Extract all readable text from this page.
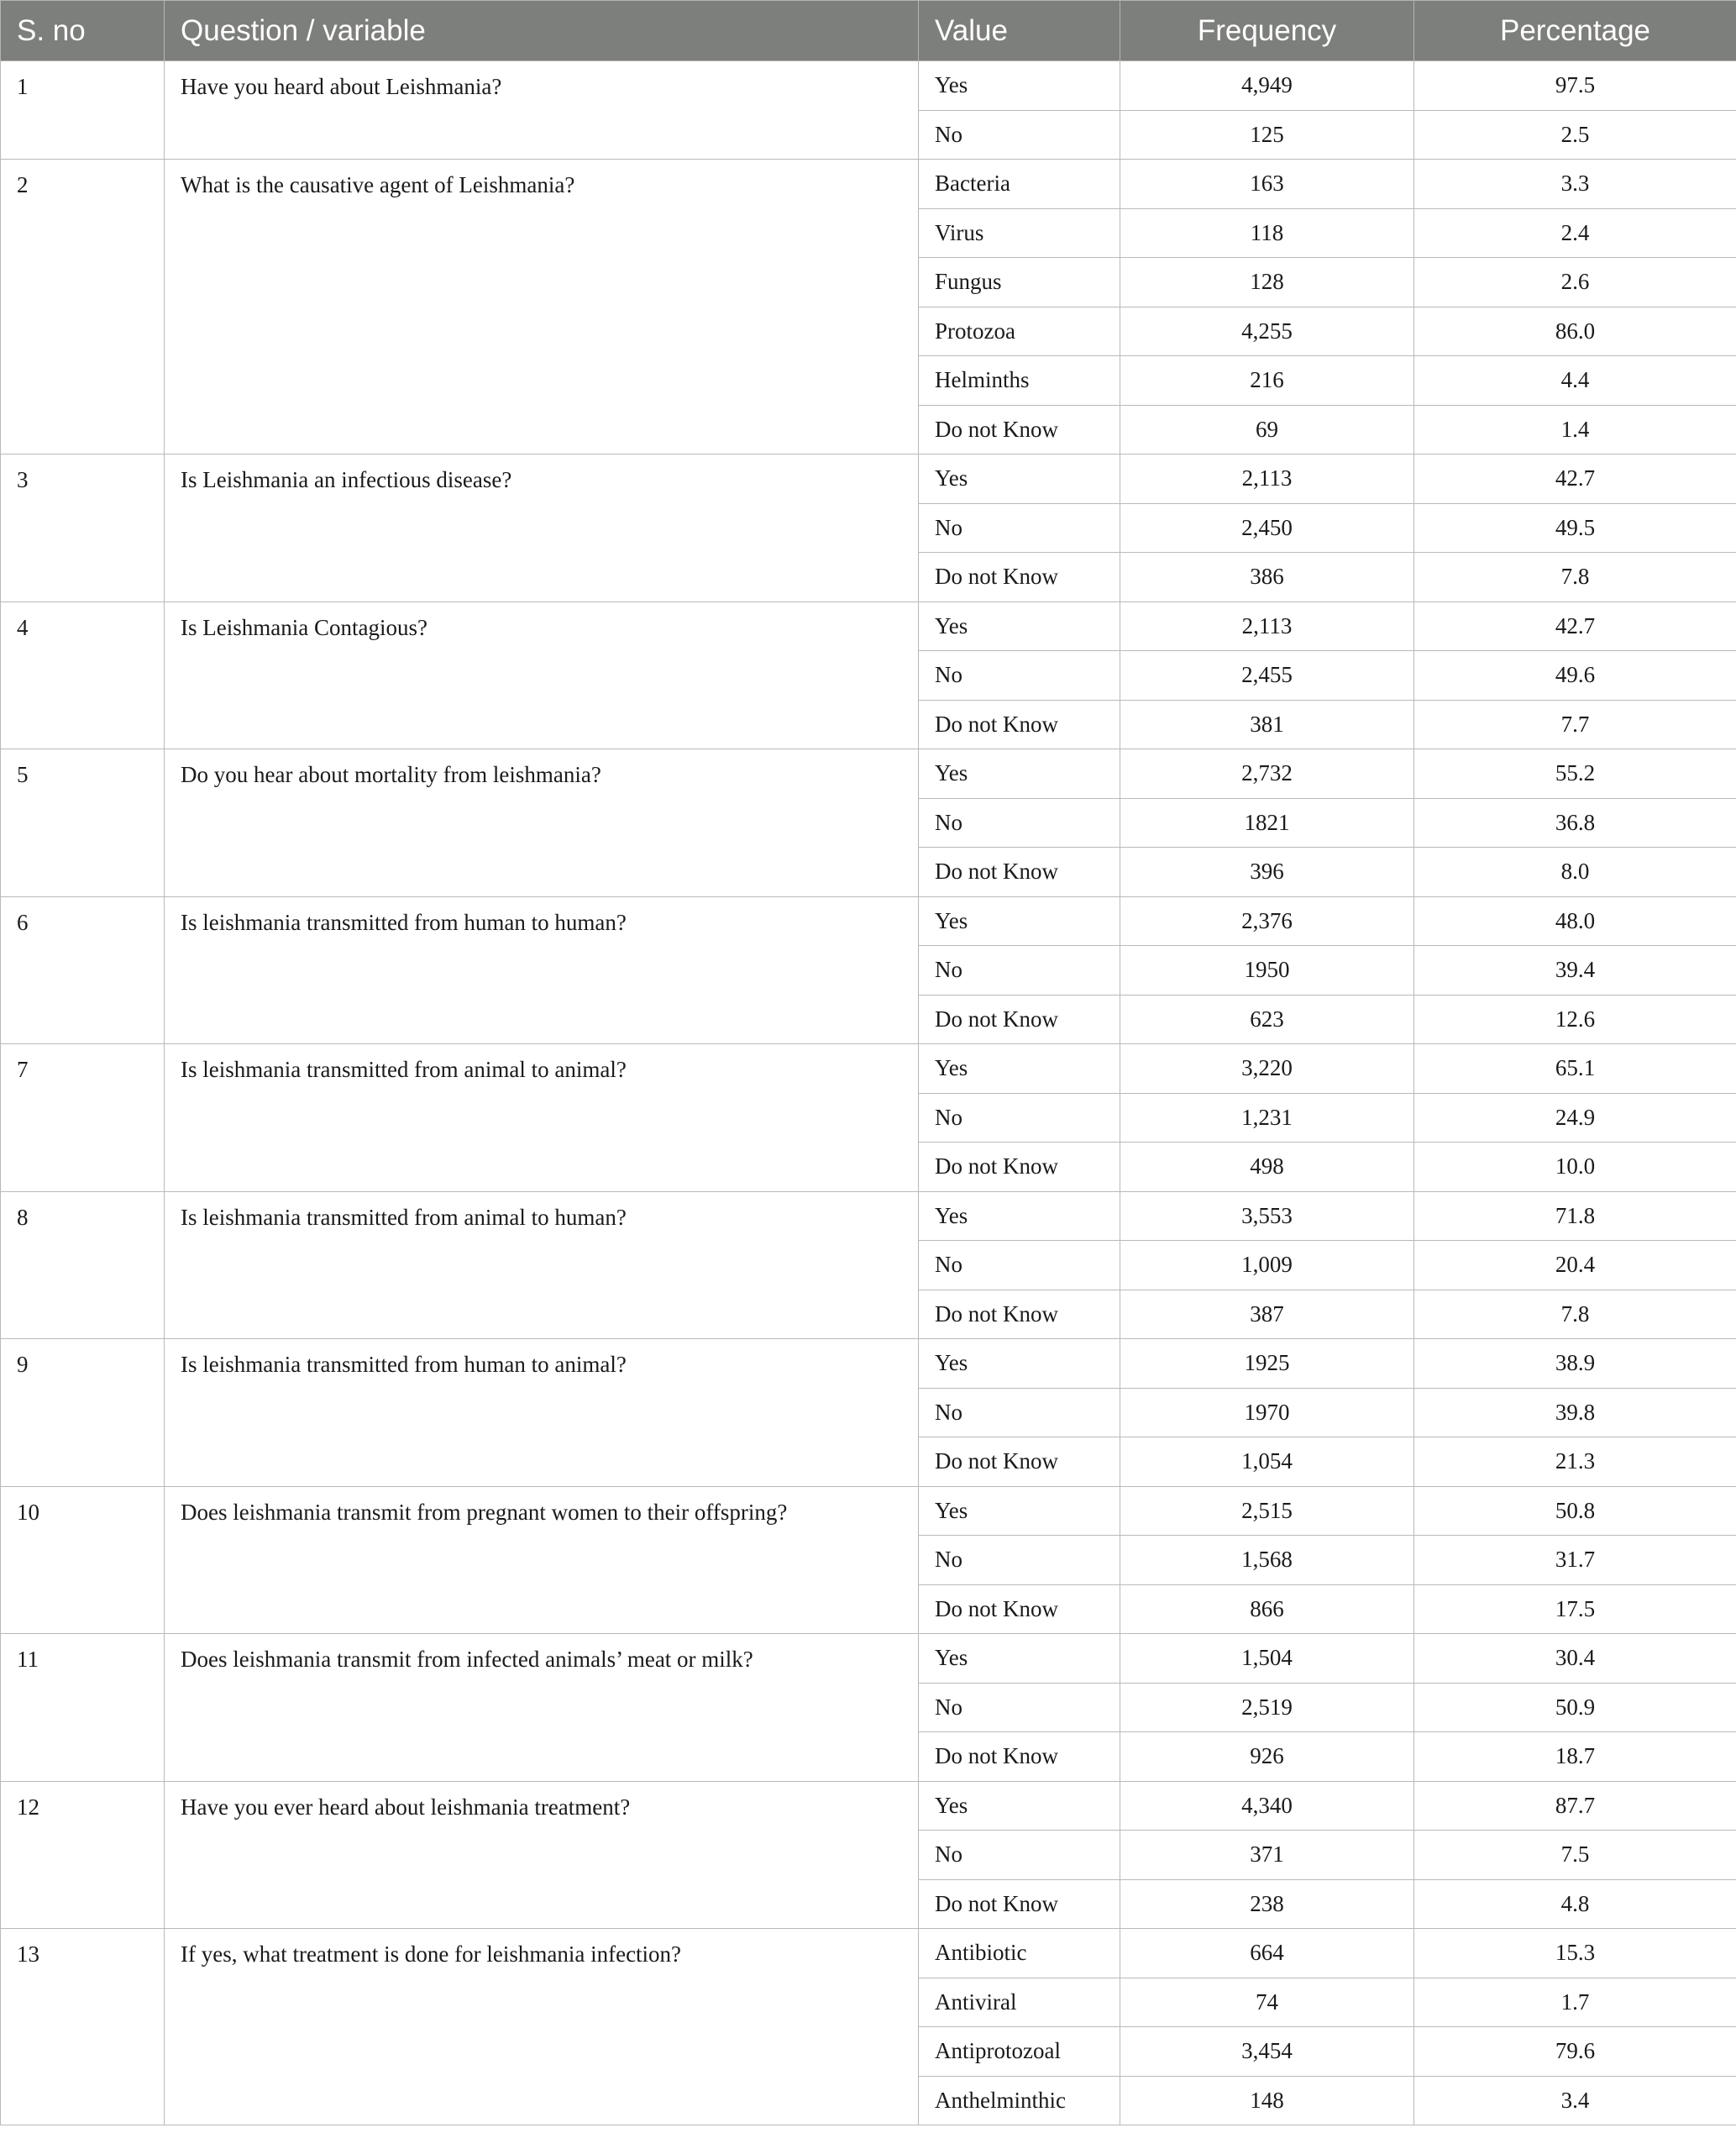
S. no	Question / variable	Value	Frequency	Percentage
1	Have you heard about Leishmania?	Yes	4,949	97.5
		No	125	2.5
2	What is the causative agent of Leishmania?	Bacteria	163	3.3
		Virus	118	2.4
		Fungus	128	2.6
		Protozoa	4,255	86.0
		Helminths	216	4.4
		Do not Know	69	1.4
3	Is Leishmania an infectious disease?	Yes	2,113	42.7
		No	2,450	49.5
		Do not Know	386	7.8
4	Is Leishmania Contagious?	Yes	2,113	42.7
		No	2,455	49.6
		Do not Know	381	7.7
5	Do you hear about mortality from leishmania?	Yes	2,732	55.2
		No	1821	36.8
		Do not Know	396	8.0
6	Is leishmania transmitted from human to human?	Yes	2,376	48.0
		No	1950	39.4
		Do not Know	623	12.6
7	Is leishmania transmitted from animal to animal?	Yes	3,220	65.1
		No	1,231	24.9
		Do not Know	498	10.0
8	Is leishmania transmitted from animal to human?	Yes	3,553	71.8
		No	1,009	20.4
		Do not Know	387	7.8
9	Is leishmania transmitted from human to animal?	Yes	1925	38.9
		No	1970	39.8
		Do not Know	1,054	21.3
10	Does leishmania transmit from pregnant women to their offspring?	Yes	2,515	50.8
		No	1,568	31.7
		Do not Know	866	17.5
11	Does leishmania transmit from infected animals’ meat or milk?	Yes	1,504	30.4
		No	2,519	50.9
		Do not Know	926	18.7
12	Have you ever heard about leishmania treatment?	Yes	4,340	87.7
		No	371	7.5
		Do not Know	238	4.8
13	If yes, what treatment is done for leishmania infection?	Antibiotic	664	15.3
		Antiviral	74	1.7
		Antiprotozoal	3,454	79.6
		Anthelminthic	148	3.4
